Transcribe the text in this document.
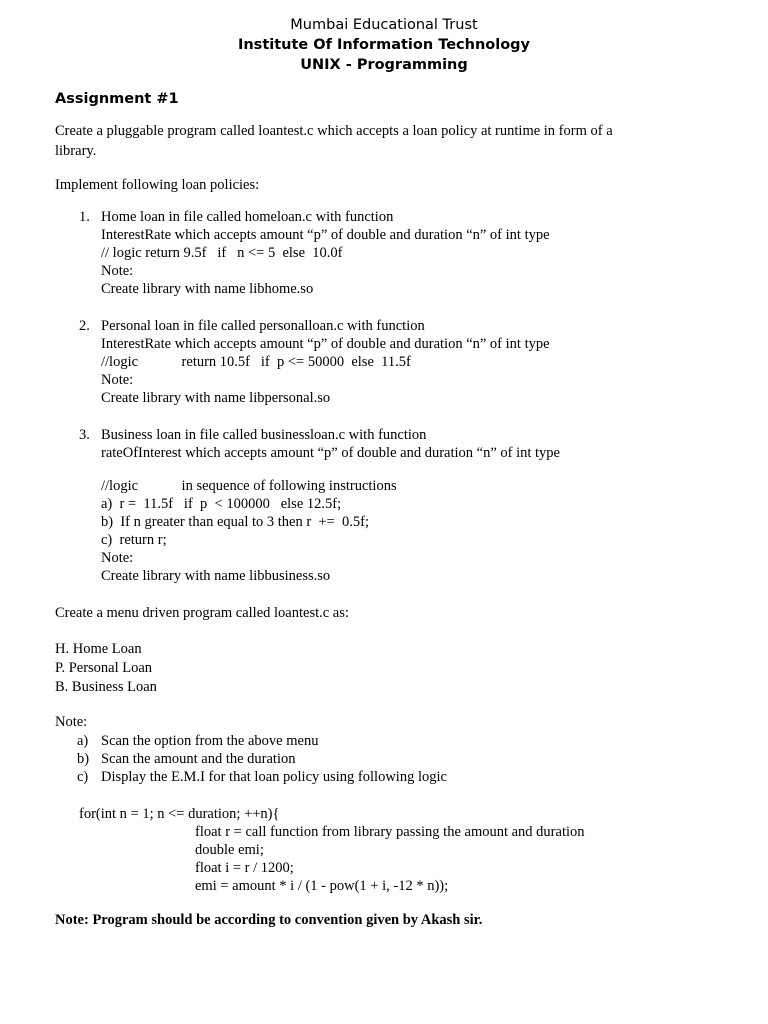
Mumbai Educational Trust
Institute Of Information Technology
UNIX - Programming
Assignment #1
Create a pluggable program called loantest.c which accepts a loan policy at runtime in form of a
library.
Implement following loan policies:
1. Home loan in file called homeloan.c with function
InterestRate which accepts amount “p” of double and duration “n” of int type
// logic return 9.5f   if   n <= 5  else  10.0f
Note:
Create library with name libhome.so
2. Personal loan in file called personalloan.c with function
InterestRate which accepts amount “p” of double and duration “n” of int type
//logic            return 10.5f   if  p <= 50000  else  11.5f
Note:
Create library with name libpersonal.so
3. Business loan in file called businessloan.c with function
rateOfInterest which accepts amount “p” of double and duration “n” of int type
//logic            in sequence of following instructions
a)  r =  11.5f   if  p  < 100000   else 12.5f;
b)  If n greater than equal to 3 then r  +=  0.5f;
c)  return r;
Note:
Create library with name libbusiness.so
Create a menu driven program called loantest.c as:
H. Home Loan
P. Personal Loan
B. Business Loan
Note:
a) Scan the option from the above menu
b) Scan the amount and the duration
c) Display the E.M.I for that loan policy using following logic
for(int n = 1; n <= duration; ++n){
float r = call function from library passing the amount and duration
double emi;
float i = r / 1200;
emi = amount * i / (1 - pow(1 + i, -12 * n));
Note: Program should be according to convention given by Akash sir.
